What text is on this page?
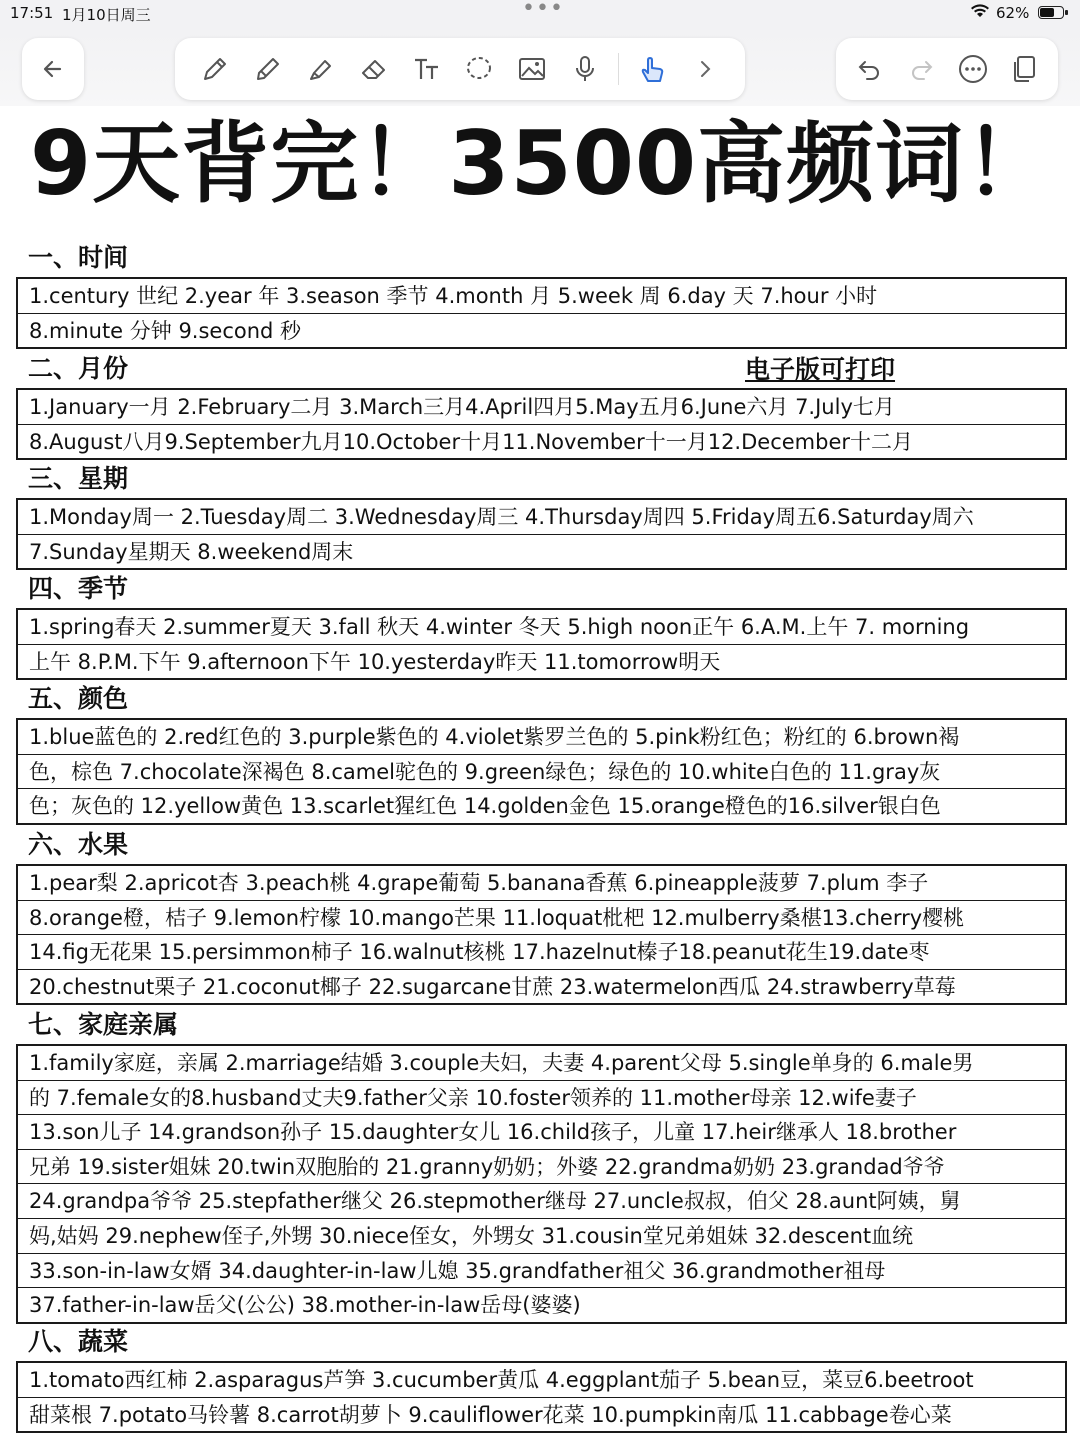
17:51 1月10日周三	•••	62%
9天背完！3500高频词！
电子版可打印
一、时间
1.century 世纪 2.year 年 3.season 季节 4.month 月 5.week 周 6.day 天 7.hour 小时
8.minute 分钟 9.second 秒
二、月份
1.January一月 2.February二月 3.March三月4.April四月5.May五月6.June六月 7.July七月
8.August八月9.September九月10.October十月11.November十一月12.December十二月
三、星期
1.Monday周一 2.Tuesday周二 3.Wednesday周三 4.Thursday周四 5.Friday周五6.Saturday周六
7.Sunday星期天 8.weekend周末
四、季节
1.spring春天 2.summer夏天 3.fall 秋天 4.winter 冬天 5.high noon正午 6.A.M.上午 7. morning
上午 8.P.M.下午 9.afternoon下午 10.yesterday昨天 11.tomorrow明天
五、颜色
1.blue蓝色的 2.red红色的 3.purple紫色的 4.violet紫罗兰色的 5.pink粉红色；粉红的 6.brown褐
色，棕色 7.chocolate深褐色 8.camel驼色的 9.green绿色；绿色的 10.white白色的 11.gray灰
色；灰色的 12.yellow黄色 13.scarlet猩红色 14.golden金色 15.orange橙色的16.silver银白色
六、水果
1.pear梨 2.apricot杏 3.peach桃 4.grape葡萄 5.banana香蕉 6.pineapple菠萝 7.plum 李子
8.orange橙，桔子 9.lemon柠檬 10.mango芒果 11.loquat枇杷 12.mulberry桑椹13.cherry樱桃
14.fig无花果 15.persimmon柿子 16.walnut核桃 17.hazelnut榛子18.peanut花生19.date枣
20.chestnut栗子 21.coconut椰子 22.sugarcane甘蔗 23.watermelon西瓜 24.strawberry草莓
七、家庭亲属
1.family家庭，亲属 2.marriage结婚 3.couple夫妇，夫妻 4.parent父母 5.single单身的 6.male男
的 7.female女的8.husband丈夫9.father父亲 10.foster领养的 11.mother母亲 12.wife妻子
13.son儿子 14.grandson孙子 15.daughter女儿 16.child孩子，儿童 17.heir继承人 18.brother
兄弟 19.sister姐妹 20.twin双胞胎的 21.granny奶奶；外婆 22.grandma奶奶 23.grandad爷爷
24.grandpa爷爷 25.stepfather继父 26.stepmother继母 27.uncle叔叔，伯父 28.aunt阿姨，舅
妈,姑妈 29.nephew侄子,外甥 30.niece侄女，外甥女 31.cousin堂兄弟姐妹 32.descent血统
33.son-in-law女婿 34.daughter-in-law儿媳 35.grandfather祖父 36.grandmother祖母
37.father-in-law岳父(公公) 38.mother-in-law岳母(婆婆)
八、蔬菜
1.tomato西红柿 2.asparagus芦笋 3.cucumber黄瓜 4.eggplant茄子 5.bean豆，菜豆6.beetroot
甜菜根 7.potato马铃薯 8.carrot胡萝卜 9.cauliflower花菜 10.pumpkin南瓜 11.cabbage卷心菜
